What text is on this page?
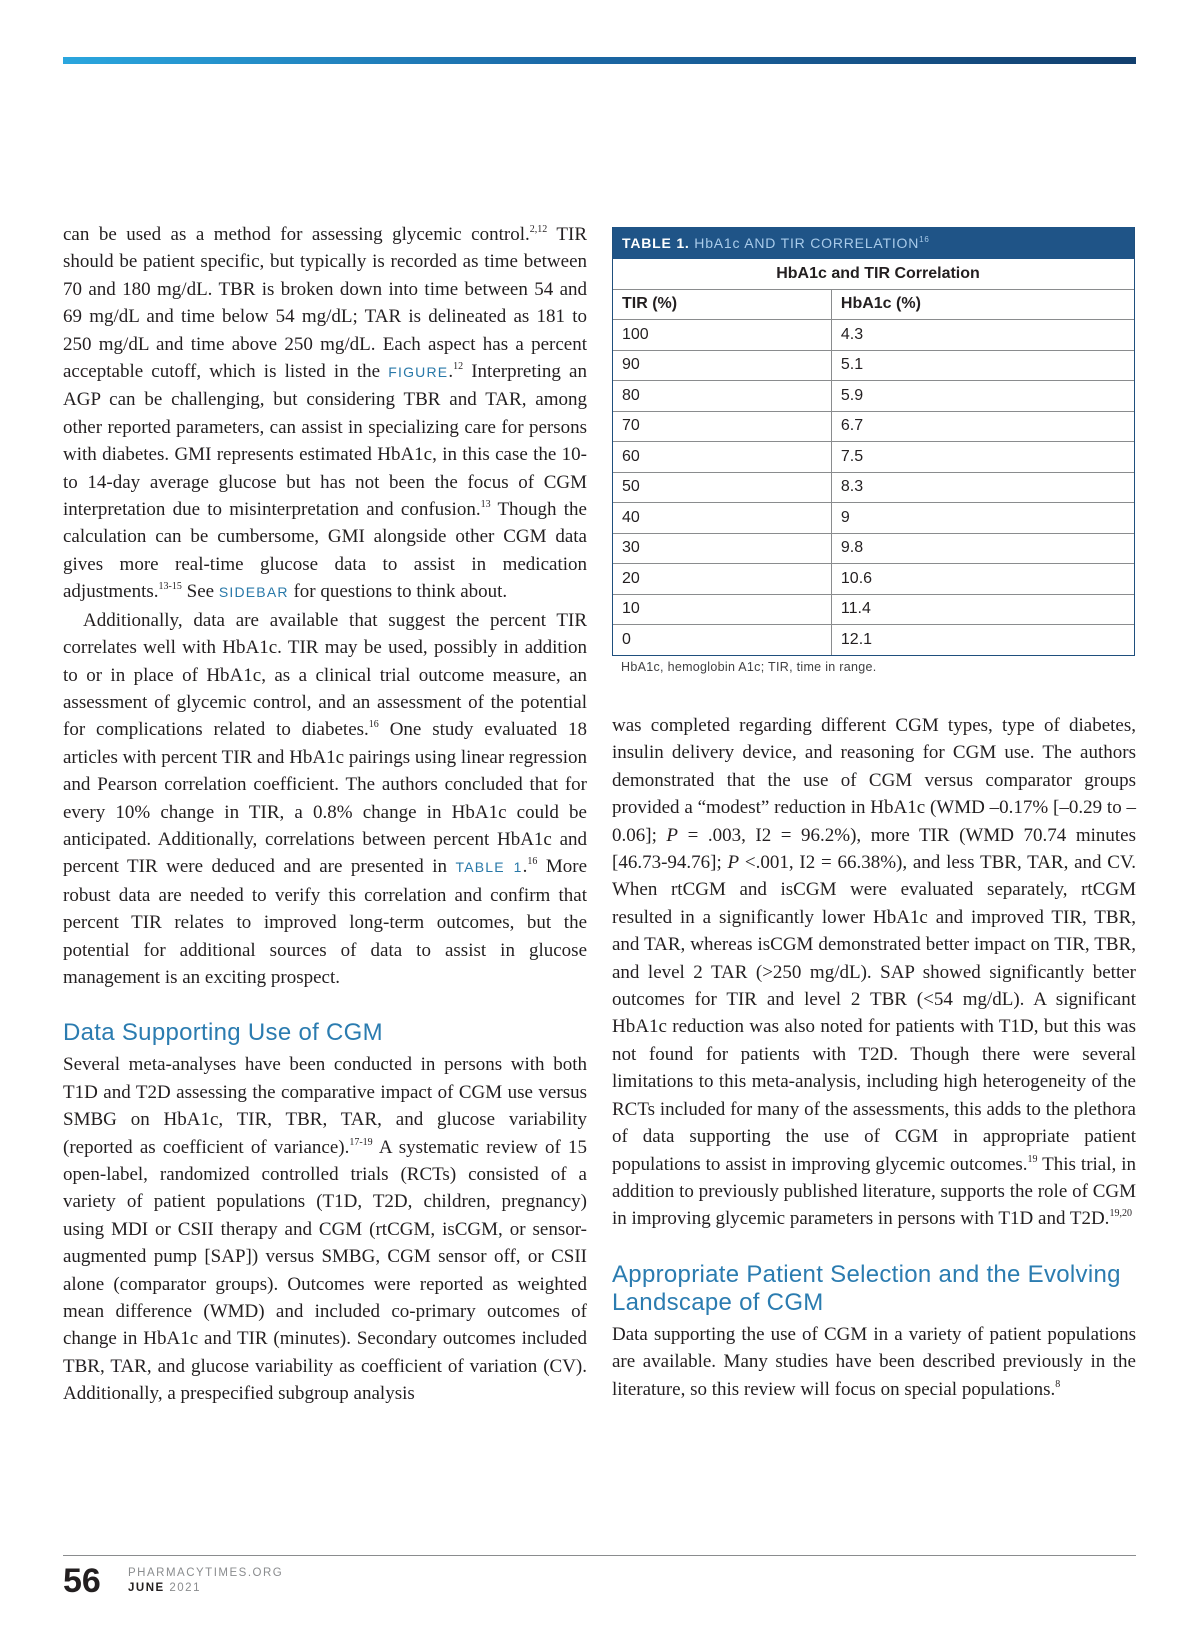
can be used as a method for assessing glycemic control.$^{2,12}$ TIR should be patient specific, but typically is recorded as time between 70 and 180 mg/dL. TBR is broken down into time between 54 and 69 mg/dL and time below 54 mg/dL; TAR is delineated as 181 to 250 mg/dL and time above 250 mg/dL. Each aspect has a percent acceptable cutoff, which is listed in the FIGURE.$^{12}$ Interpreting an AGP can be challenging, but considering TBR and TAR, among other reported parameters, can assist in specializing care for persons with diabetes. GMI represents estimated HbA1c, in this case the 10- to 14-day average glucose but has not been the focus of CGM interpretation due to misinterpretation and confusion.$^{13}$ Though the calculation can be cumbersome, GMI alongside other CGM data gives more real-time glucose data to assist in medication adjustments.$^{13-15}$ See SIDEBAR for questions to think about.

Additionally, data are available that suggest the percent TIR correlates well with HbA1c. TIR may be used, possibly in addition to or in place of HbA1c, as a clinical trial outcome measure, an assessment of glycemic control, and an assessment of the potential for complications related to diabetes.$^{16}$ One study evaluated 18 articles with percent TIR and HbA1c pairings using linear regression and Pearson correlation coefficient. The authors concluded that for every 10% change in TIR, a 0.8% change in HbA1c could be anticipated. Additionally, correlations between percent HbA1c and percent TIR were deduced and are presented in TABLE 1.16 More robust data are needed to verify this correlation and confirm that percent TIR relates to improved long-term outcomes, but the potential for additional sources of data to assist in glucose management is an exciting prospect.

Data Supporting Use of CGM

Several meta-analyses have been conducted in persons with both T1D and T2D assessing the comparative impact of CGM use versus SMBG on HbA1c, TIR, TBR, TAR, and glucose variability (reported as coefficient of variance).$^{17-19}$ A systematic review of 15 open-label, randomized controlled trials (RCTs) consisted of a variety of patient populations (T1D, T2D, children, pregnancy) using MDI or CSII therapy and CGM (rtCGM, isCGM, or sensor-augmented pump [SAP]) versus SMBG, CGM sensor off, or CSII alone (comparator groups). Outcomes were reported as weighted mean difference (WMD) and included co-primary outcomes of change in HbA1c and TIR (minutes). Secondary outcomes included TBR, TAR, and glucose variability as coefficient of variation (CV). Additionally, a prespecified subgroup analysis

TABLE 1. HbA1c AND TIR CORRELATION$^{16}$
HbA1c and TIR Correlation	
TIR (%)	HbA1c (%)
100	4.3
90	5.1
80	5.9
70	6.7
60	7.5
50	8.3
40	9
30	9.8
20	10.6
10	11.4
0	12.1
HbA1c, hemoglobin A1c; TIR, time in range.

was completed regarding different CGM types, type of diabetes, insulin delivery device, and reasoning for CGM use. The authors demonstrated that the use of CGM versus comparator groups provided a “modest” reduction in HbA1c (WMD –0.17% [–0.29 to –0.06]; P = .003, I2 = 96.2%), more TIR (WMD 70.74 minutes [46.73-94.76]; P <.001, I2 = 66.38%), and less TBR, TAR, and CV. When rtCGM and isCGM were evaluated separately, rtCGM resulted in a significantly lower HbA1c and improved TIR, TBR, and TAR, whereas isCGM demonstrated better impact on TIR, TBR, and level 2 TAR (>250 mg/dL). SAP showed significantly better outcomes for TIR and level 2 TBR (<54 mg/dL). A significant HbA1c reduction was also noted for patients with T1D, but this was not found for patients with T2D. Though there were several limitations to this meta-analysis, including high heterogeneity of the RCTs included for many of the assessments, this adds to the plethora of data supporting the use of CGM in appropriate patient populations to assist in improving glycemic outcomes.$^{19}$ This trial, in addition to previously published literature, supports the role of CGM in improving glycemic parameters in persons with T1D and T2D.$^{19,20}$

Appropriate Patient Selection and the Evolving Landscape of CGM

Data supporting the use of CGM in a variety of patient populations are available. Many studies have been described previously in the literature, so this review will focus on special populations.$^8$

56 PHARMACYTIMES.ORG
JUNE 2021
